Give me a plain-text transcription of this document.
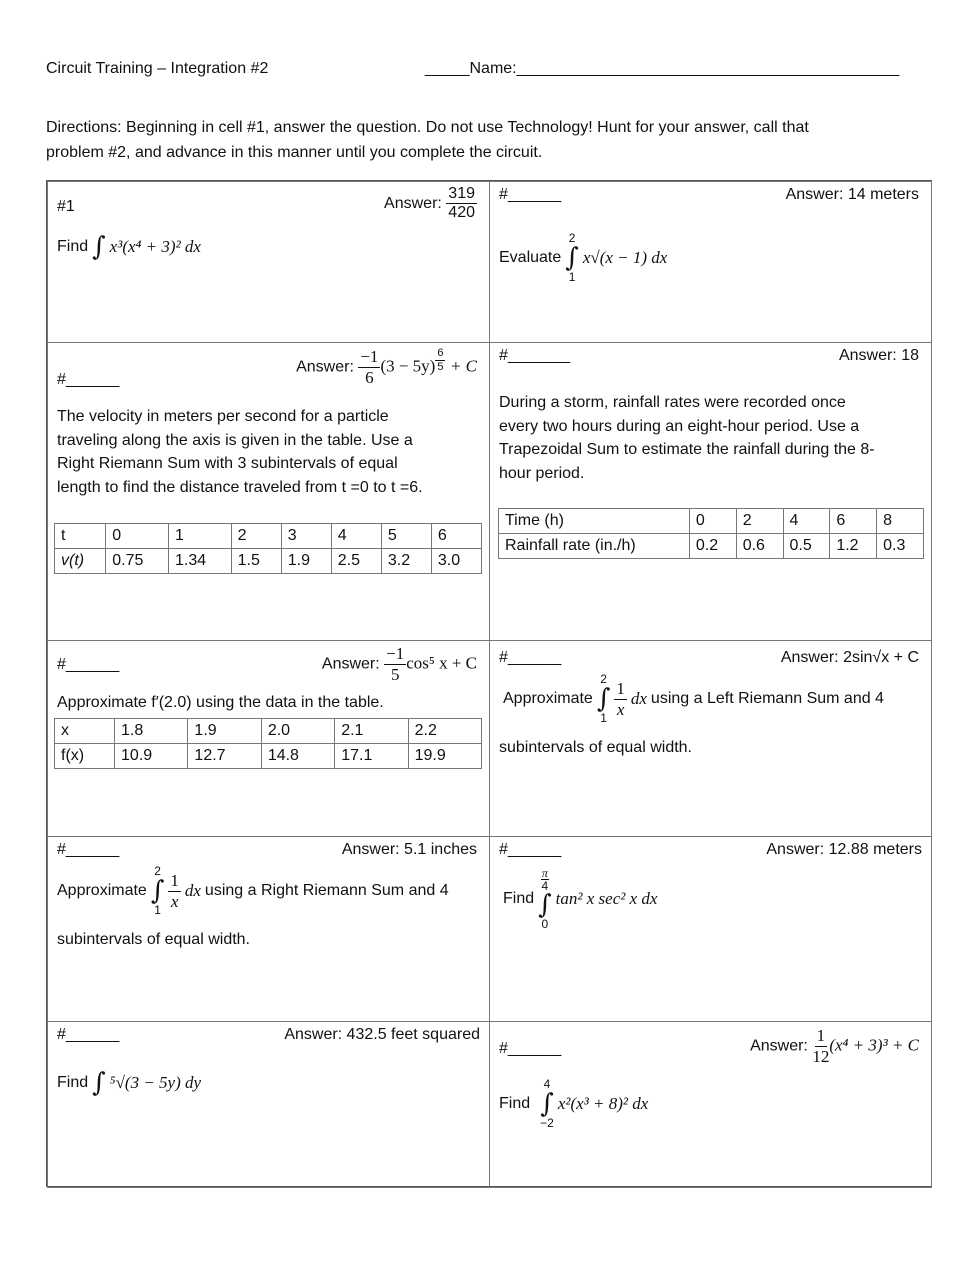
Circuit Training – Integration #2	_____Name:___________________________________________
Directions: Beginning in cell #1, answer the question. Do not use Technology! Hunt for your answer, call that
problem #2, and advance in this manner until you complete the circuit.
#1	Answer: $\frac{319}{420}$
Find ∫ x³(x⁴ + 3)² dx
#______	Answer: 14 meters
Evaluate
2
∫
1
x√(x − 1) dx
#______
Answer: $\frac{-1}{6} (3 - 5y) ^{\frac{6}{5}} + C$
The velocity in meters per second for a particle
traveling along the axis is given in the table. Use a
Right Riemann Sum with 3 subintervals of equal
length to find the distance traveled from t =0 to t =6.
t	0	1	2	3	4	5	6
v(t)	0.75	1.34	1.5	1.9	2.5	3.2	3.0
#_______	Answer: 18
During a storm, rainfall rates were recorded once
every two hours during an eight-hour period. Use a
Trapezoidal Sum to estimate the rainfall during the 8-
hour period.
Time (h)	0	2	4	6	8
Rainfall rate (in./h)	0.2	0.6	0.5	1.2	0.3
#______	Answer: $\frac{-1}{5} \cos^5$ x + C
Approximate f′(2.0) using the data in the table.
x	1.8	1.9	2.0	2.1	2.2
f(x)	10.9	12.7	14.8	17.1	19.9
#______	Answer: 2sin√x + C
Approximate
2
∫
$1 \frac{1}{x}$ dx using a Left Riemann Sum and 4
subintervals of equal width.
#______	Answer: 5.1 inches
Approximate
2
∫
$1 \frac{1}{x}$ dx using a Right Riemann Sum and 4
subintervals of equal width.
#______	Answer: 12.88 meters
Find
$\frac{\pi}{4}$
∫
0
tan² x sec² x dx
#______	Answer: 432.5 feet squared
Find ∫ ⁵√(3 − 5y) dy
#______	Answer: $\frac{1}{12} (x^4 + 3)^3 + C$
Find
4
∫
−2
x²(x³ + 8)² dx
